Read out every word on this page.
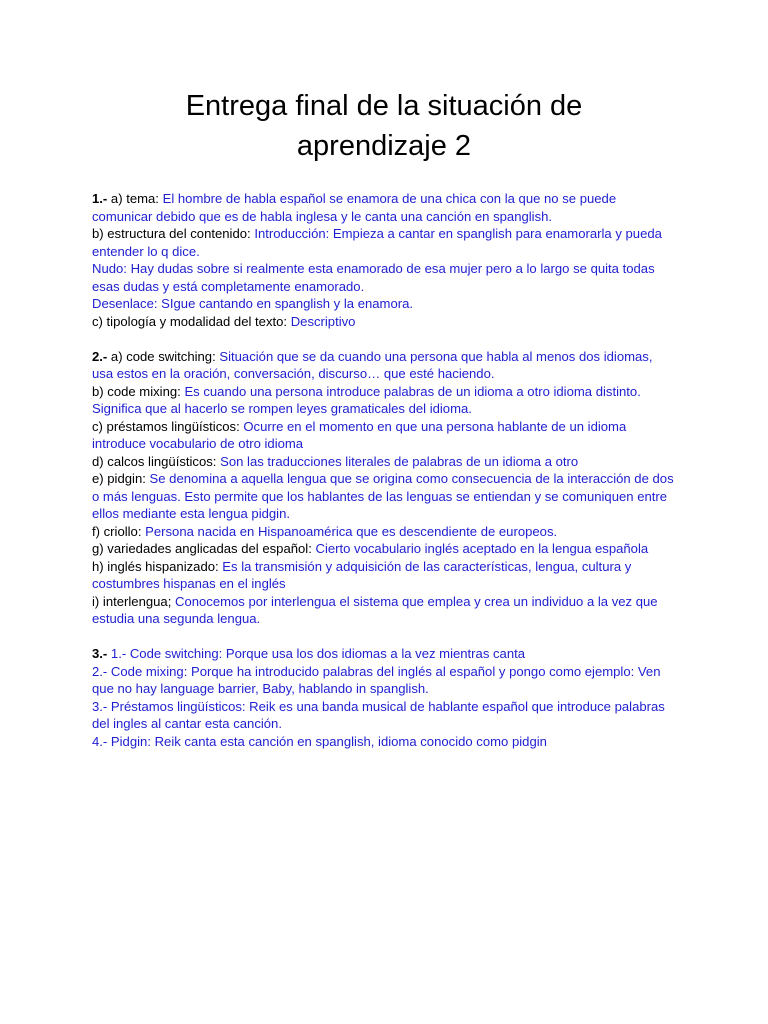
Entrega final de la situación de
aprendizaje 2
1.- a) tema: El hombre de habla español se enamora de una chica con la que no se puede comunicar debido que es de habla inglesa y le canta una canción en spanglish.
b) estructura del contenido: Introducción: Empieza a cantar en spanglish para enamorarla y pueda entender lo q dice.
Nudo: Hay dudas sobre si realmente esta enamorado de esa mujer pero a lo largo se quita todas esas dudas y está completamente enamorado.
Desenlace: SIgue cantando en spanglish y la enamora.
c) tipología y modalidad del texto: Descriptivo
2.- a) code switching: Situación que se da cuando una persona que habla al menos dos idiomas, usa estos en la oración, conversación, discurso… que esté haciendo.
b) code mixing: Es cuando una persona introduce palabras de un idioma a otro idioma distinto. Significa que al hacerlo se rompen leyes gramaticales del idioma.
c) préstamos lingüísticos: Ocurre en el momento en que una persona hablante de un idioma introduce vocabulario de otro idioma
d) calcos lingüísticos: Son las traducciones literales de palabras de un idioma a otro
e) pidgin: Se denomina a aquella lengua que se origina como consecuencia de la interacción de dos o más lenguas. Esto permite que los hablantes de las lenguas se entiendan y se comuniquen entre ellos mediante esta lengua pidgin.
f) criollo: Persona nacida en Hispanoamérica que es descendiente de europeos.
g) variedades anglicadas del español: Cierto vocabulario inglés aceptado en la lengua española
h) inglés hispanizado: Es la transmisión y adquisición de las características, lengua, cultura y costumbres hispanas en el inglés
i) interlengua; Conocemos por interlengua el sistema que emplea y crea un individuo a la vez que estudia una segunda lengua.
3.- 1.- Code switching: Porque usa los dos idiomas a la vez mientras canta
2.- Code mixing: Porque ha introducido palabras del inglés al español y pongo como ejemplo: Ven que no hay language barrier, Baby, hablando in spanglish.
3.- Préstamos lingüísticos: Reik es una banda musical de hablante español que introduce palabras del ingles al cantar esta canción.
4.- Pidgin: Reik canta esta canción en spanglish, idioma conocido como pidgin
